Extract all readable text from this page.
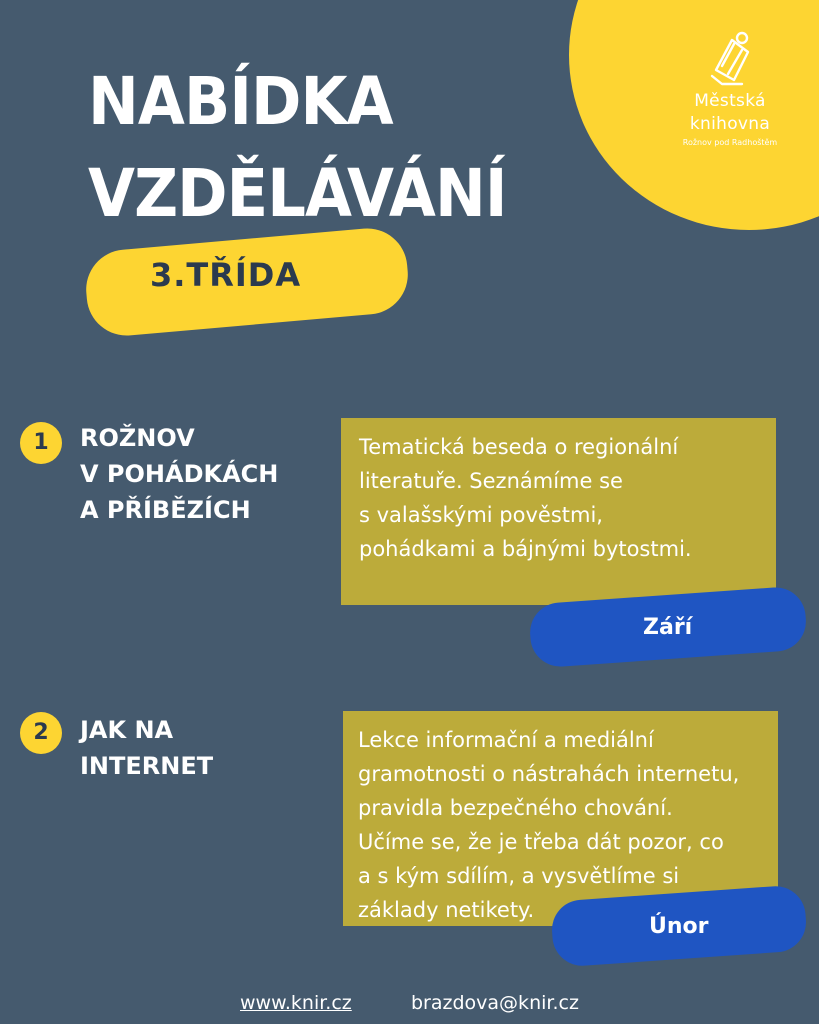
Městská
knihovna
Rožnov pod Radhoštěm
NABÍDKA
VZDĚLÁVÁNÍ
3.TŘÍDA
1	ROŽNOV
V POHÁDKÁCH
A PŘÍBĚZÍCH

Tematická beseda o regionální

literatuře. Seznámíme se

s valašskými pověstmi,

pohádkami a bájnými bytostmi.

Září
2	JAK NA
INTERNET

Lekce informační a mediální

gramotnosti o nástrahách internetu,

pravidla bezpečného chování.

Učíme se, že je třeba dát pozor, co

a s kým sdílím, a vysvětlíme si

základy netikety.

Únor
www.knir.cz	brazdova@knir.cz
